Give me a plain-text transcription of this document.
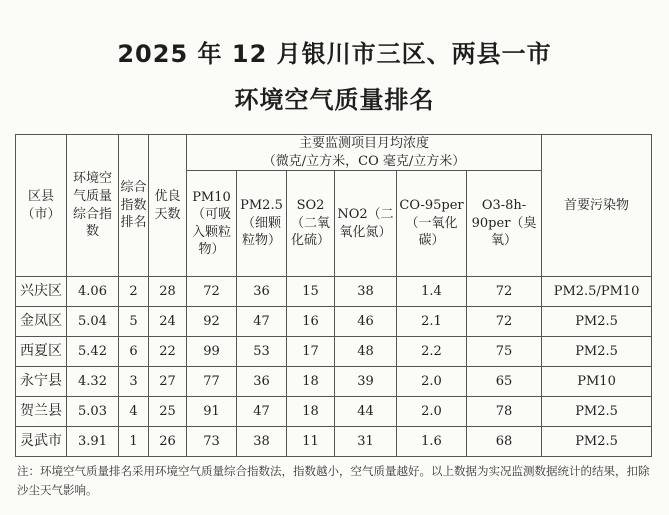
2025 年 12 月银川市三区、两县一市
环境空气质量排名
区县（市）	环境空气质量综合指数	综合指数排名	优良天数	主要监测项目月均浓度
（微克/立方米，CO 毫克/立方米）						首要污染物
				PM10（可吸入颗粒物）	PM2.5（细颗粒物）	SO2（二氧化硫）	NO2（二氧化氮）	CO-95per（一氧化碳）	O3-8h-90per（臭氧）	
兴庆区	4.06	2	28	72	36	15	38	1.4	72	PM2.5/PM10
金凤区	5.04	5	24	92	47	16	46	2.1	72	PM2.5
西夏区	5.42	6	22	99	53	17	48	2.2	75	PM2.5
永宁县	4.32	3	27	77	36	18	39	2.0	65	PM10
贺兰县	5.03	4	25	91	47	18	44	2.0	78	PM2.5
灵武市	3.91	1	26	73	38	11	31	1.6	68	PM2.5
注：环境空气质量排名采用环境空气质量综合指数法，指数越小，空气质量越好。以上数据为实况监测数据统计的结果，扣除沙尘天气影响。
